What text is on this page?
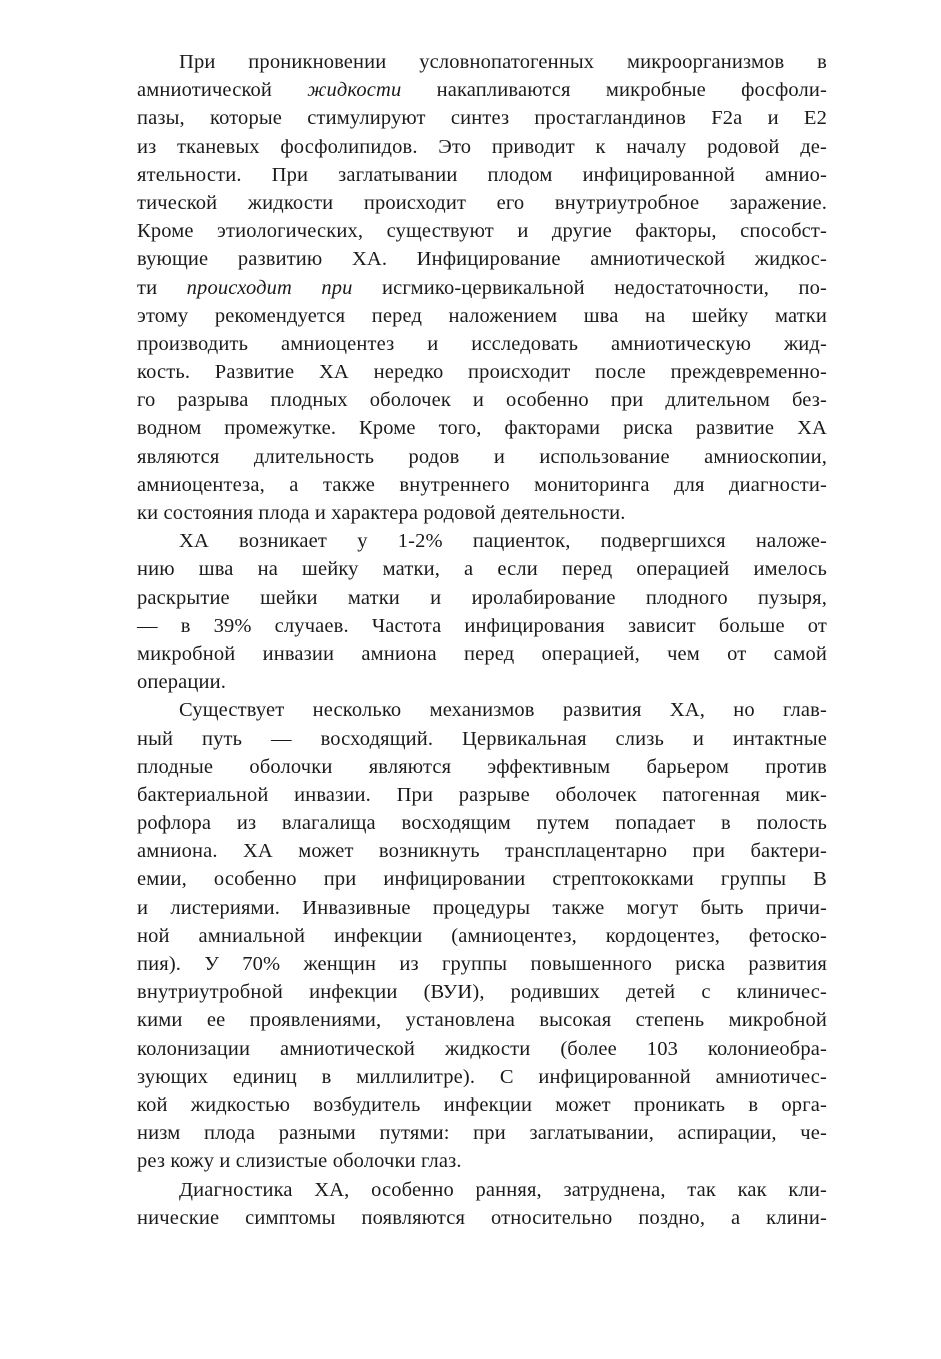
При проникновении условнопатогенных микроорганизмов в
амниотической жидкости накапливаются микробные фосфоли-
пазы, которые стимулируют синтез простагландинов F2a и E2
из тканевых фосфолипидов. Это приводит к началу родовой де-
ятельности. При заглатывании плодом инфицированной амнио-
тической жидкости происходит его внутриутробное заражение.
Кроме этиологических, существуют и другие факторы, способст-
вующие развитию ХА. Инфицирование амниотической жидкос-
ти происходит при исгмико-цервикальной недостаточности, по-
этому рекомендуется перед наложением шва на шейку матки
производить амниоцентез и исследовать амниотическую жид-
кость. Развитие ХА нередко происходит после преждевременно-
го разрыва плодных оболочек и особенно при длительном без-
водном промежутке. Кроме того, факторами риска развитие ХА
являются длительность родов и использование амниоскопии,
амниоцентеза, а также внутреннего мониторинга для диагности-
ки состояния плода и характера родовой деятельности.
ХА возникает у 1-2% пациенток, подвергшихся наложе-
нию шва на шейку матки, а если перед операцией имелось
раскрытие шейки матки и иролабирование плодного пузыря,
— в 39% случаев. Частота инфицирования зависит больше от
микробной инвазии амниона перед операцией, чем от самой
операции.
Существует несколько механизмов развития ХА, но глав-
ный путь — восходящий. Цервикальная слизь и интактные
плодные оболочки являются эффективным барьером против
бактериальной инвазии. При разрыве оболочек патогенная мик-
рофлора из влагалища восходящим путем попадает в полость
амниона. ХА может возникнуть трансплацентарно при бактери-
емии, особенно при инфицировании стрептококками группы В
и листериями. Инвазивные процедуры также могут быть причи-
ной амниальной инфекции (амниоцентез, кордоцентез, фетоско-
пия). У 70% женщин из группы повышенного риска развития
внутриутробной инфекции (ВУИ), родивших детей с клиничес-
кими ее проявлениями, установлена высокая степень микробной
колонизации амниотической жидкости (более 103 колониеобра-
зующих единиц в миллилитре). С инфицированной амниотичес-
кой жидкостью возбудитель инфекции может проникать в орга-
низм плода разными путями: при заглатывании, аспирации, че-
рез кожу и слизистые оболочки глаз.
Диагностика ХА, особенно ранняя, затруднена, так как кли-
нические симптомы появляются относительно поздно, а клини-
